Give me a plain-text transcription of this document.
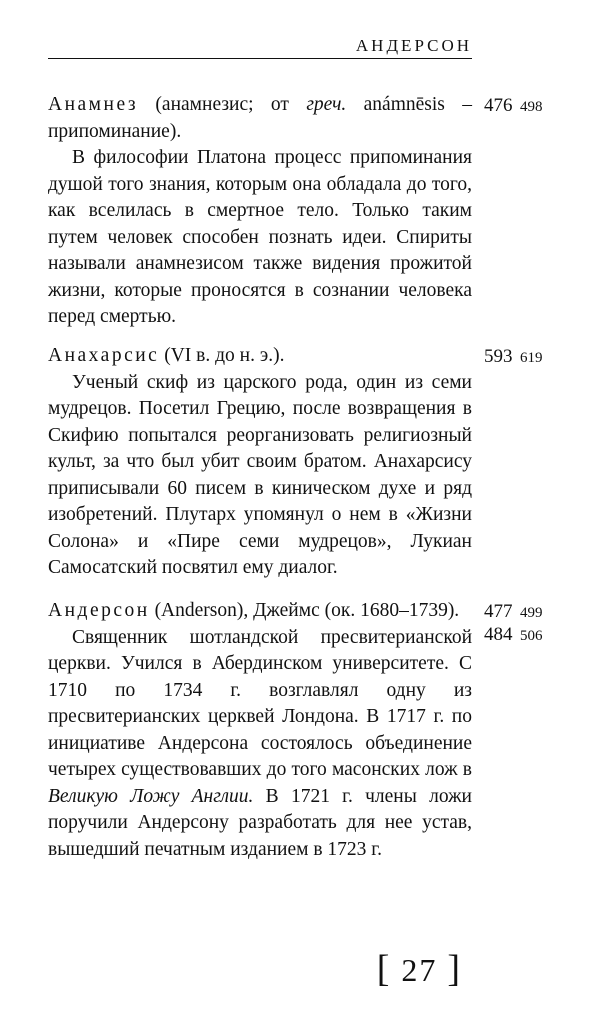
АНДЕРСОН

Анамнез (анамнезис; от греч. anámnēsis – припоминание).

В философии Платона процесс припоминания душой того знания, которым она обладала до того, как вселилась в смертное тело. Только таким путем человек способен познать идеи. Спириты называли анамнезисом также видения прожитой жизни, которые проносятся в сознании человека перед смертью.

476 498

Анахарсис (VI в. до н. э.).

Ученый скиф из царского рода, один из семи мудрецов. Посетил Грецию, после возвращения в Скифию попытался реорганизовать религиозный культ, за что был убит своим братом. Анахарсису приписывали 60 писем в киническом духе и ряд изобретений. Плутарх упомянул о нем в «Жизни Солона» и «Пире семи мудрецов», Лукиан Самосатский посвятил ему диалог.

593 619

Андерсон (Anderson), Джеймс (ок. 1680–1739).

Священник шотландской пресвитерианской церкви. Учился в Абердинском университете. С 1710 по 1734 г. возглавлял одну из пресвитерианских церквей Лондона. В 1717 г. по инициативе Андерсона состоялось объединение четырех существовавших до того масонских лож в Великую Ложу Англии. В 1721 г. члены ложи поручили Андерсону разработать для нее устав, вышедший печатным изданием в 1723 г.

477 499
484 506
[ 27 ]
